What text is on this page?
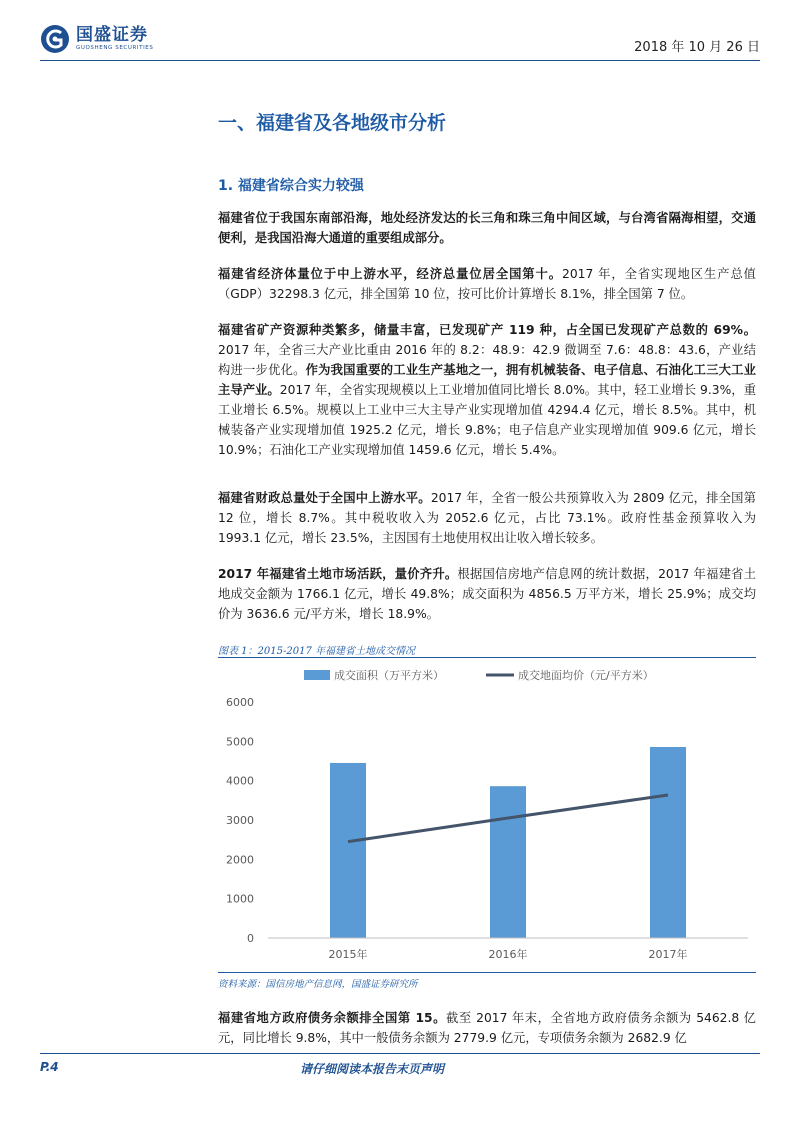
国盛证券
GUOSHENG SECURITIES	2018 年 10 月 26 日
一、福建省及各地级市分析
1. 福建省综合实力较强
福建省位于我国东南部沿海，地处经济发达的长三角和珠三角中间区域，与台湾省隔海相望，交通便利，是我国沿海大通道的重要组成部分。
福建省经济体量位于中上游水平，经济总量位居全国第十。2017 年，全省实现地区生产总值（GDP）32298.3 亿元，排全国第 10 位，按可比价计算增长 8.1%，排全国第 7 位。
福建省矿产资源种类繁多，储量丰富，已发现矿产 119 种，占全国已发现矿产总数的 69%。2017 年，全省三大产业比重由 2016 年的 8.2：48.9：42.9 微调至 7.6：48.8：43.6，产业结构进一步优化。作为我国重要的工业生产基地之一，拥有机械装备、电子信息、石油化工三大工业主导产业。2017 年，全省实现规模以上工业增加值同比增长 8.0%。其中，轻工业增长 9.3%，重工业增长 6.5%。规模以上工业中三大主导产业实现增加值 4294.4 亿元，增长 8.5%。其中，机械装备产业实现增加值 1925.2 亿元，增长 9.8%；电子信息产业实现增加值 909.6 亿元，增长 10.9%；石油化工产业实现增加值 1459.6 亿元，增长 5.4%。
福建省财政总量处于全国中上游水平。2017 年，全省一般公共预算收入为 2809 亿元，排全国第 12 位，增长 8.7%。其中税收收入为 2052.6 亿元，占比 73.1%。政府性基金预算收入为 1993.1 亿元，增长 23.5%，主因国有土地使用权出让收入增长较多。
2017 年福建省土地市场活跃，量价齐升。根据国信房地产信息网的统计数据，2017 年福建省土地成交金额为 1766.1 亿元，增长 49.8%；成交面积为 4856.5 万平方米，增长 25.9%；成交均价为 3636.6 元/平方米，增长 18.9%。
图表 1：2015-2017 年福建省土地成交情况
成交面积（万平方米）	成交地面均价（元/平方米）
0
1000
2000
3000
4000
5000
6000
2015年	2016年	2017年
资料来源：国信房地产信息网，国盛证券研究所
福建省地方政府债务余额排全国第 15。截至 2017 年末，全省地方政府债务余额为 5462.8 亿元，同比增长 9.8%，其中一般债务余额为 2779.9 亿元，专项债务余额为 2682.9 亿
P.4	请仔细阅读本报告末页声明
